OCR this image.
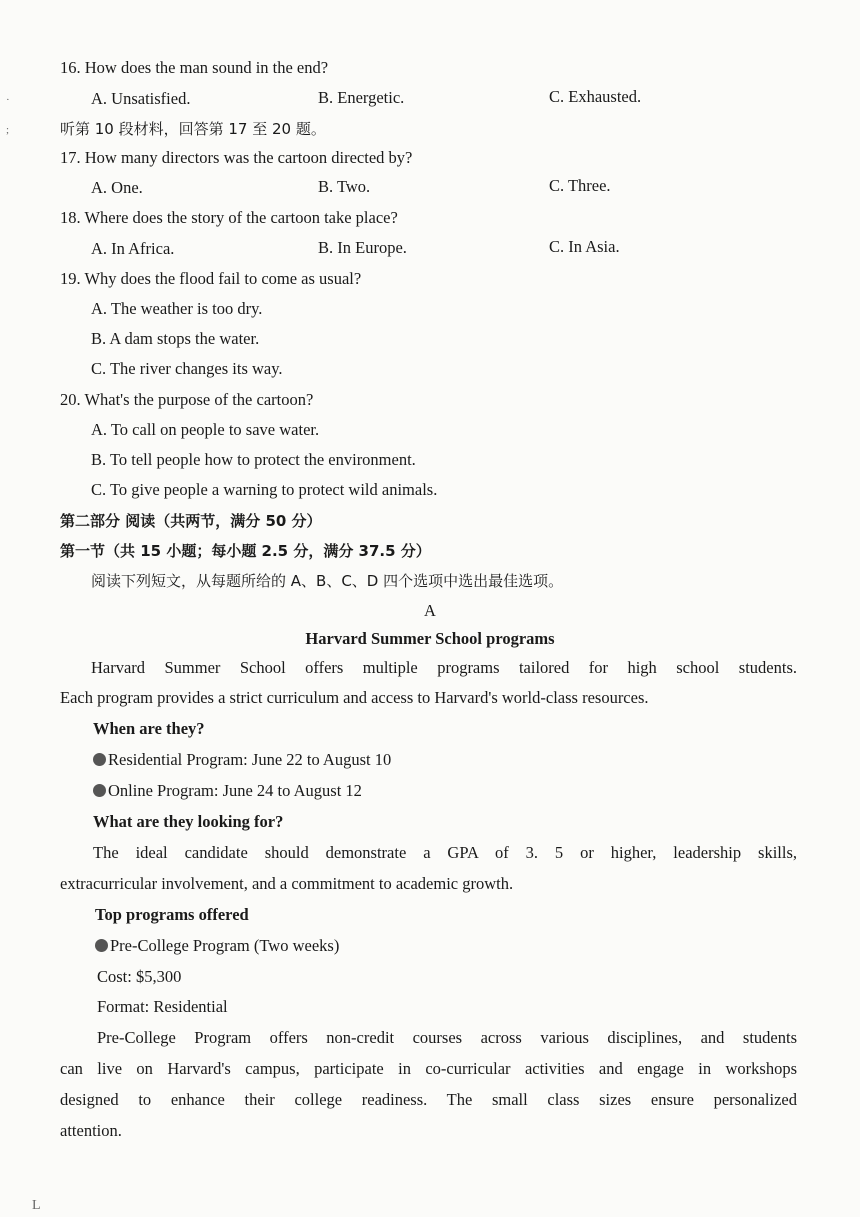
·
;
L
16. How does the man sound in the end?
A. Unsatisfied.	B. Energetic.	C. Exhausted.
听第 10 段材料，回答第 17 至 20 题。
17. How many directors was the cartoon directed by?
A. One.	B. Two.	C. Three.
18. Where does the story of the cartoon take place?
A. In Africa.	B. In Europe.	C. In Asia.
19. Why does the flood fail to come as usual?
A. The weather is too dry.
B. A dam stops the water.
C. The river changes its way.
20. What's the purpose of the cartoon?
A. To call on people to save water.
B. To tell people how to protect the environment.
C. To give people a warning to protect wild animals.
第二部分 阅读（共两节，满分 50 分）
第一节（共 15 小题；每小题 2.5 分，满分 37.5 分）
阅读下列短文，从每题所给的 A、B、C、D 四个选项中选出最佳选项。
A
Harvard Summer School programs
Harvard Summer School offers multiple programs tailored for high school students.
Each program provides a strict curriculum and access to Harvard's world-class resources.
When are they?
Residential Program: June 22 to August 10
Online Program: June 24 to August 12
What are they looking for?
The ideal candidate should demonstrate a GPA of 3. 5 or higher, leadership skills,
extracurricular involvement, and a commitment to academic growth.
Top programs offered
Pre-College Program (Two weeks)
Cost: $5,300
Format: Residential
Pre-College Program offers non-credit courses across various disciplines, and students
can live on Harvard's campus, participate in co-curricular activities and engage in workshops
designed to enhance their college readiness. The small class sizes ensure personalized
attention.
